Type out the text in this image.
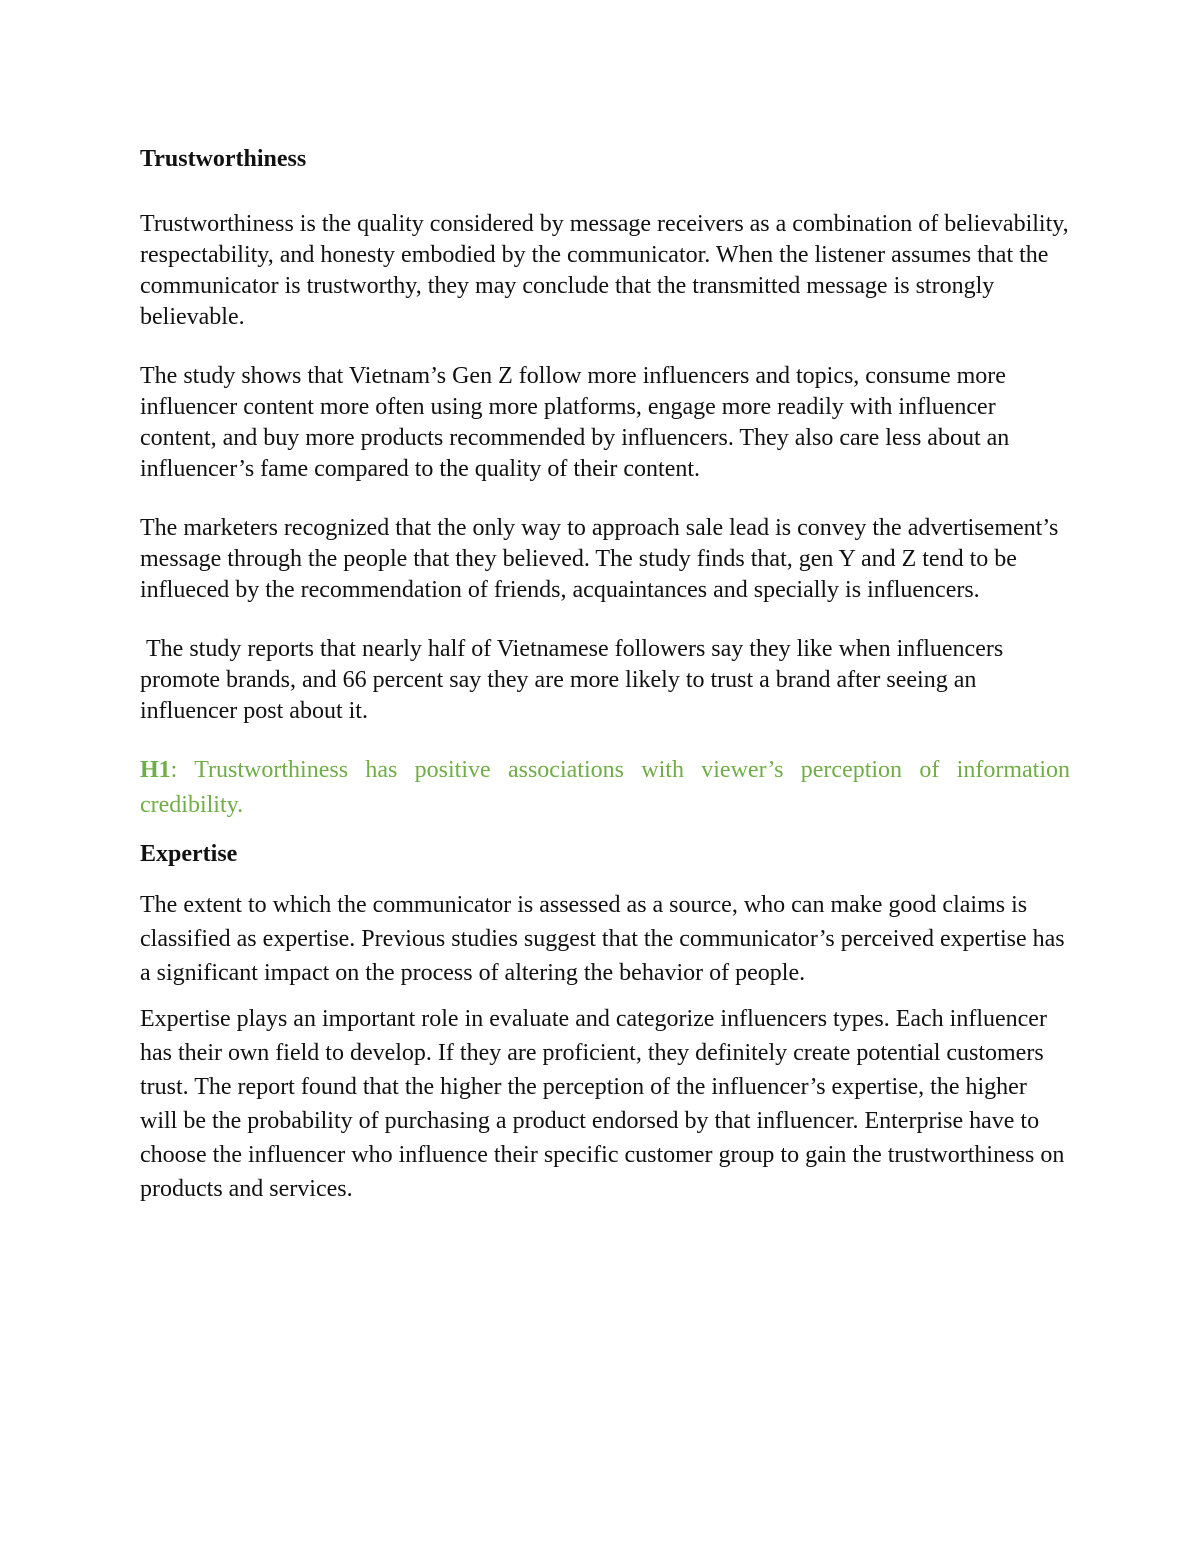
Trustworthiness

Trustworthiness is the quality considered by message receivers as a combination of believability, respectability, and honesty embodied by the communicator. When the listener assumes that the communicator is trustworthy, they may conclude that the transmitted message is strongly believable.

The study shows that Vietnam’s Gen Z follow more influencers and topics, consume more influencer content more often using more platforms, engage more readily with influencer content, and buy more products recommended by influencers. They also care less about an influencer’s fame compared to the quality of their content.

The marketers recognized that the only way to approach sale lead is convey the advertisement’s message through the people that they believed. The study finds that, gen Y and Z tend to be influeced by the recommendation of friends, acquaintances and specially is influencers.

The study reports that nearly half of Vietnamese followers say they like when influencers promote brands, and 66 percent say they are more likely to trust a brand after seeing an influencer post about it.

H1: Trustworthiness has positive associations with viewer’s perception of information credibility.

Expertise

The extent to which the communicator is assessed as a source, who can make good claims is classified as expertise. Previous studies suggest that the communicator’s perceived expertise has a significant impact on the process of altering the behavior of people.

Expertise plays an important role in evaluate and categorize influencers types. Each influencer has their own field to develop. If they are proficient, they definitely create potential customers trust. The report found that the higher the perception of the influencer’s expertise, the higher will be the probability of purchasing a product endorsed by that influencer. Enterprise have to choose the influencer who influence their specific customer group to gain the trustworthiness on products and services.
